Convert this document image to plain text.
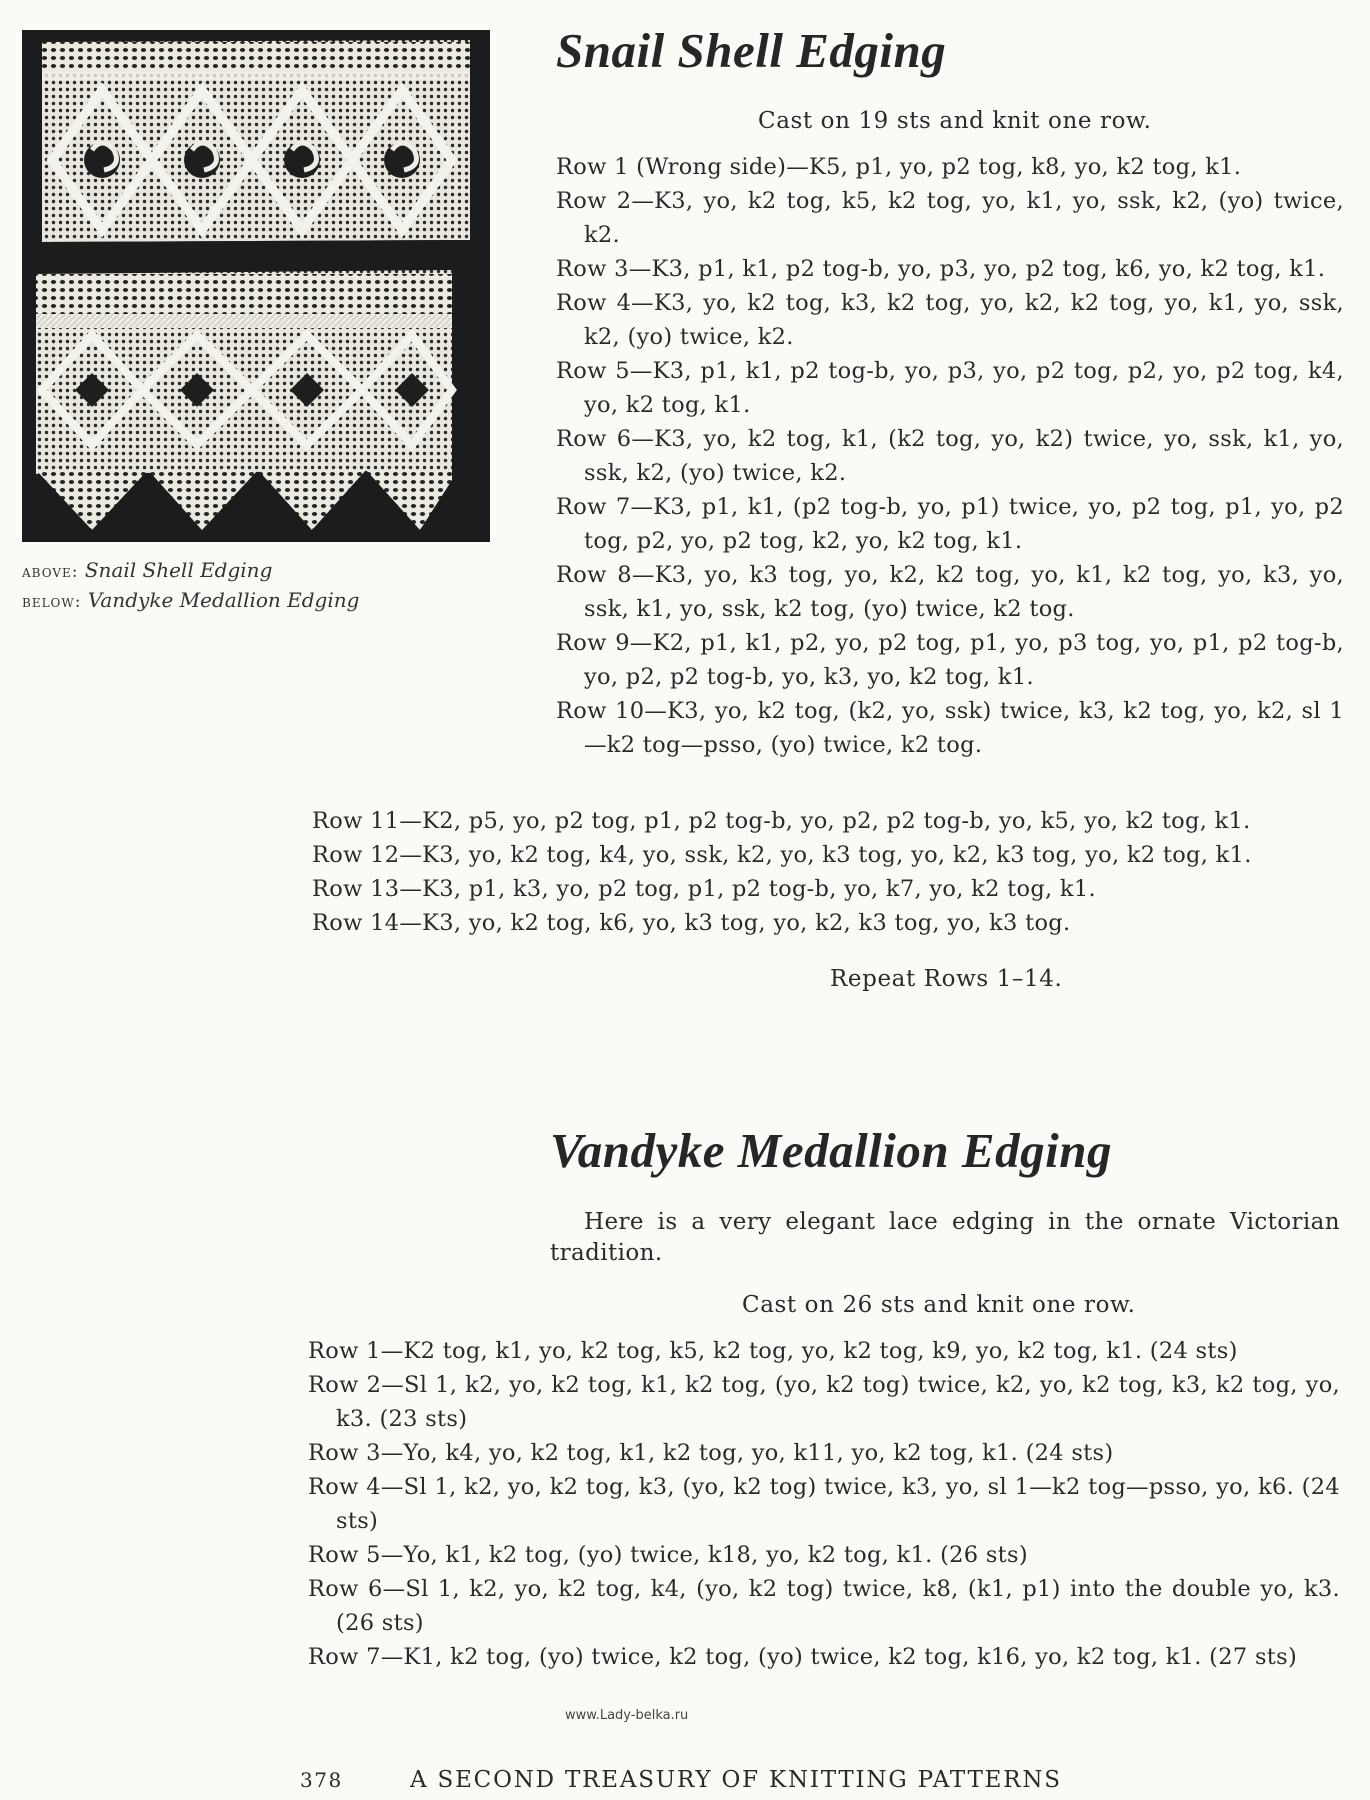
above: Snail Shell Edging
below: Vandyke Medallion Edging
Snail Shell Edging
Cast on 19 sts and knit one row.
Row 1 (Wrong side)—K5, p1, yo, p2 tog, k8, yo, k2 tog, k1.
Row 2—K3, yo, k2 tog, k5, k2 tog, yo, k1, yo, ssk, k2, (yo) twice, k2.
Row 3—K3, p1, k1, p2 tog-b, yo, p3, yo, p2 tog, k6, yo, k2 tog, k1.
Row 4—K3, yo, k2 tog, k3, k2 tog, yo, k2, k2 tog, yo, k1, yo, ssk, k2, (yo) twice, k2.
Row 5—K3, p1, k1, p2 tog-b, yo, p3, yo, p2 tog, p2, yo, p2 tog, k4, yo, k2 tog, k1.
Row 6—K3, yo, k2 tog, k1, (k2 tog, yo, k2) twice, yo, ssk, k1, yo, ssk, k2, (yo) twice, k2.
Row 7—K3, p1, k1, (p2 tog-b, yo, p1) twice, yo, p2 tog, p1, yo, p2 tog, p2, yo, p2 tog, k2, yo, k2 tog, k1.
Row 8—K3, yo, k3 tog, yo, k2, k2 tog, yo, k1, k2 tog, yo, k3, yo, ssk, k1, yo, ssk, k2 tog, (yo) twice, k2 tog.
Row 9—K2, p1, k1, p2, yo, p2 tog, p1, yo, p3 tog, yo, p1, p2 tog-b, yo, p2, p2 tog-b, yo, k3, yo, k2 tog, k1.
Row 10—K3, yo, k2 tog, (k2, yo, ssk) twice, k3, k2 tog, yo, k2, sl 1—k2 tog—psso, (yo) twice, k2 tog.
Row 11—K2, p5, yo, p2 tog, p1, p2 tog-b, yo, p2, p2 tog-b, yo, k5, yo, k2 tog, k1.
Row 12—K3, yo, k2 tog, k4, yo, ssk, k2, yo, k3 tog, yo, k2, k3 tog, yo, k2 tog, k1.
Row 13—K3, p1, k3, yo, p2 tog, p1, p2 tog-b, yo, k7, yo, k2 tog, k1.
Row 14—K3, yo, k2 tog, k6, yo, k3 tog, yo, k2, k3 tog, yo, k3 tog.
Repeat Rows 1–14.
Vandyke Medallion Edging
Here is a very elegant lace edging in the ornate Victorian tradition.
Cast on 26 sts and knit one row.
Row 1—K2 tog, k1, yo, k2 tog, k5, k2 tog, yo, k2 tog, k9, yo, k2 tog, k1. (24 sts)
Row 2—Sl 1, k2, yo, k2 tog, k1, k2 tog, (yo, k2 tog) twice, k2, yo, k2 tog, k3, k2 tog, yo, k3. (23 sts)
Row 3—Yo, k4, yo, k2 tog, k1, k2 tog, yo, k11, yo, k2 tog, k1. (24 sts)
Row 4—Sl 1, k2, yo, k2 tog, k3, (yo, k2 tog) twice, k3, yo, sl 1—k2 tog—psso, yo, k6. (24 sts)
Row 5—Yo, k1, k2 tog, (yo) twice, k18, yo, k2 tog, k1. (26 sts)
Row 6—Sl 1, k2, yo, k2 tog, k4, (yo, k2 tog) twice, k8, (k1, p1) into the double yo, k3. (26 sts)
Row 7—K1, k2 tog, (yo) twice, k2 tog, (yo) twice, k2 tog, k16, yo, k2 tog, k1. (27 sts)
www.Lady-belka.ru
378	A SECOND TREASURY OF KNITTING PATTERNS
